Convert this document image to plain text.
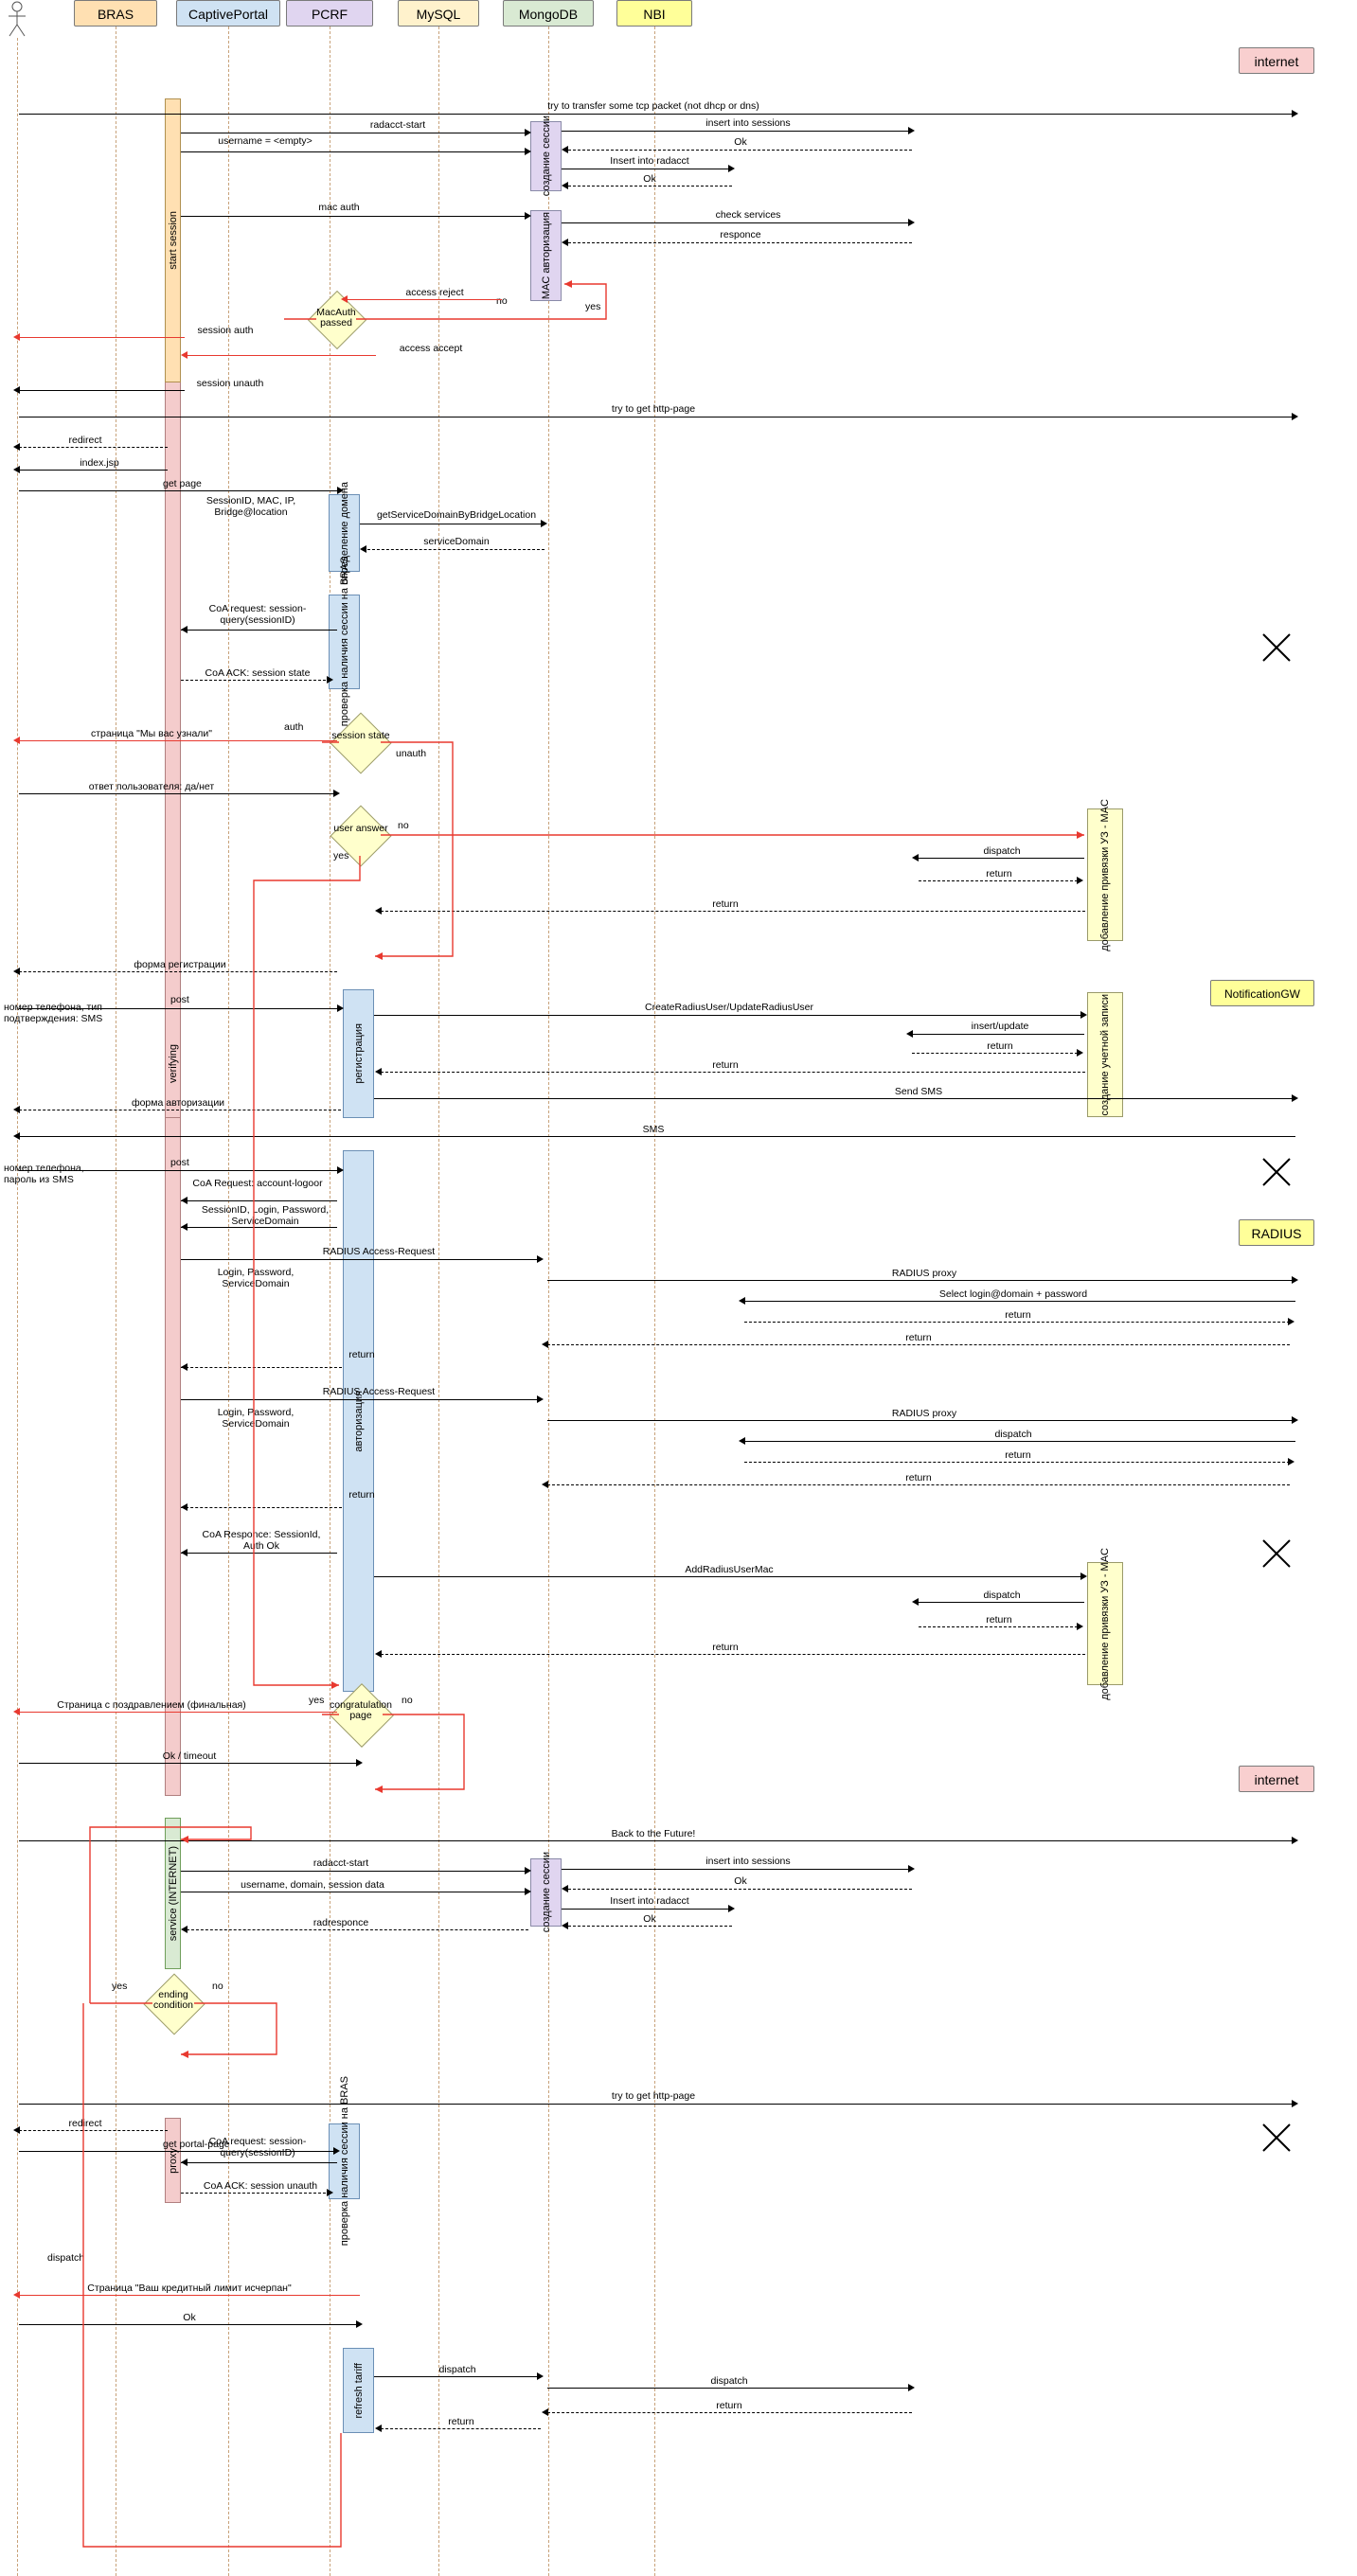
BRAS	CaptivePortal	PCRF	MySQL	MongoDB	NBI
internet
NotificationGW
RADIUS
internet
start session
создание сессии
MAC авторизация
определение домена
проверка наличия сессии на BRAS
регистрация
verifying
авторизация
добавление привязки УЗ - MAC
создание учетной записи
добавление привязки УЗ - MAC
service (INTERNET)	создание сессии
proxy	проверка наличия сессии на BRAS
refresh tariff
MacAuth passed
no	yes
session state
auth
unauth
user answer
yes
no
congratulation page
yes	no
ending condition
yes	no
try to transfer some tcp packet (not dhcp or dns)
radacct-start	insert into sessions
username = <empty>	Ok
Insert into radacct
Ok
mac auth
check services
responce
access reject
session auth
access accept
session unauth
try to get http-page
redirect
index.jsp
get page
SessionID, MAC, IP, Bridge@location	getServiceDomainByBridgeLocation
serviceDomain
CoA request: session-query(sessionID)
CoA ACK: session state
страница "Мы вас узнали"
ответ пользователя: да/нет
dispatch
return
return
форма регистрации
номер телефона, тип подтверждения: SMS
post
CreateRadiusUser/UpdateRadiusUser
insert/update
return
return
форма авторизации
Send SMS
SMS
номер телефона, пароль из SMS
post
CoA Request: account-logoor
SessionID, Login, Password, ServiceDomain
RADIUS Access-Request
RADIUS proxy
Select login@domain + password
return
return
Login, Password, ServiceDomain
return
RADIUS Access-Request
RADIUS proxy
dispatch
return
return
Login, Password, ServiceDomain
return
CoA Responce: SessionId, Auth Ok
AddRadiusUserMac
dispatch
return
return
Страница с поздравлением (финальная)
Ok / timeout
Back to the Future!
radacct-start	insert into sessions
username, domain, session data	Ok
Insert into radacct
radresponce	Ok
try to get http-page
redirect
get portal-page
CoA request: session-query(sessionID)
CoA ACK: session unauth
dispatch
Страница "Ваш кредитный лимит исчерпан"
Ok
dispatch
dispatch
return
return
